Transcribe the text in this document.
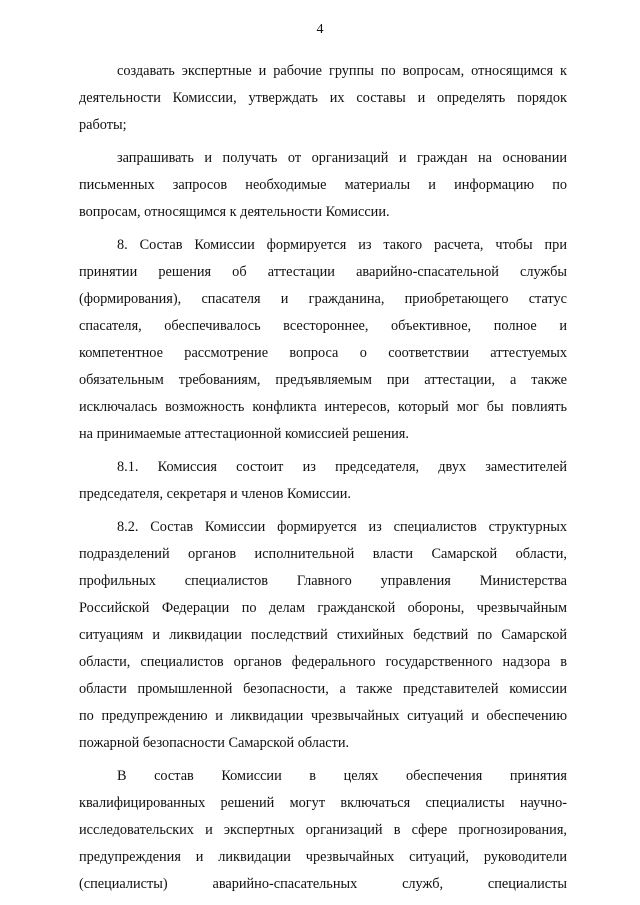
4
создавать экспертные и рабочие группы по вопросам, относящимся к
деятельности Комиссии, утверждать их составы и определять порядок
работы;
запрашивать и получать от организаций и граждан на основании
письменных запросов необходимые материалы и информацию по
вопросам, относящимся к деятельности Комиссии.
8. Состав Комиссии формируется из такого расчета, чтобы при
принятии решения об аттестации аварийно-спасательной службы
(формирования), спасателя и гражданина, приобретающего статус
спасателя, обеспечивалось всестороннее, объективное, полное и
компетентное рассмотрение вопроса о соответствии аттестуемых
обязательным требованиям, предъявляемым при аттестации, а также
исключалась возможность конфликта интересов, который мог бы повлиять
на принимаемые аттестационной комиссией решения.
8.1. Комиссия состоит из председателя, двух заместителей
председателя, секретаря и членов Комиссии.
8.2. Состав Комиссии формируется из специалистов структурных
подразделений органов исполнительной власти Самарской области,
профильных специалистов Главного управления Министерства
Российской Федерации по делам гражданской обороны, чрезвычайным
ситуациям и ликвидации последствий стихийных бедствий по Самарской
области, специалистов органов федерального государственного надзора в
области промышленной безопасности, а также представителей комиссии
по предупреждению и ликвидации чрезвычайных ситуаций и обеспечению
пожарной безопасности Самарской области.
В состав Комиссии в целях обеспечения принятия
квалифицированных решений могут включаться специалисты научно-
исследовательских и экспертных организаций в сфере прогнозирования,
предупреждения и ликвидации чрезвычайных ситуаций, руководители
(специалисты) аварийно-спасательных служб, специалисты
